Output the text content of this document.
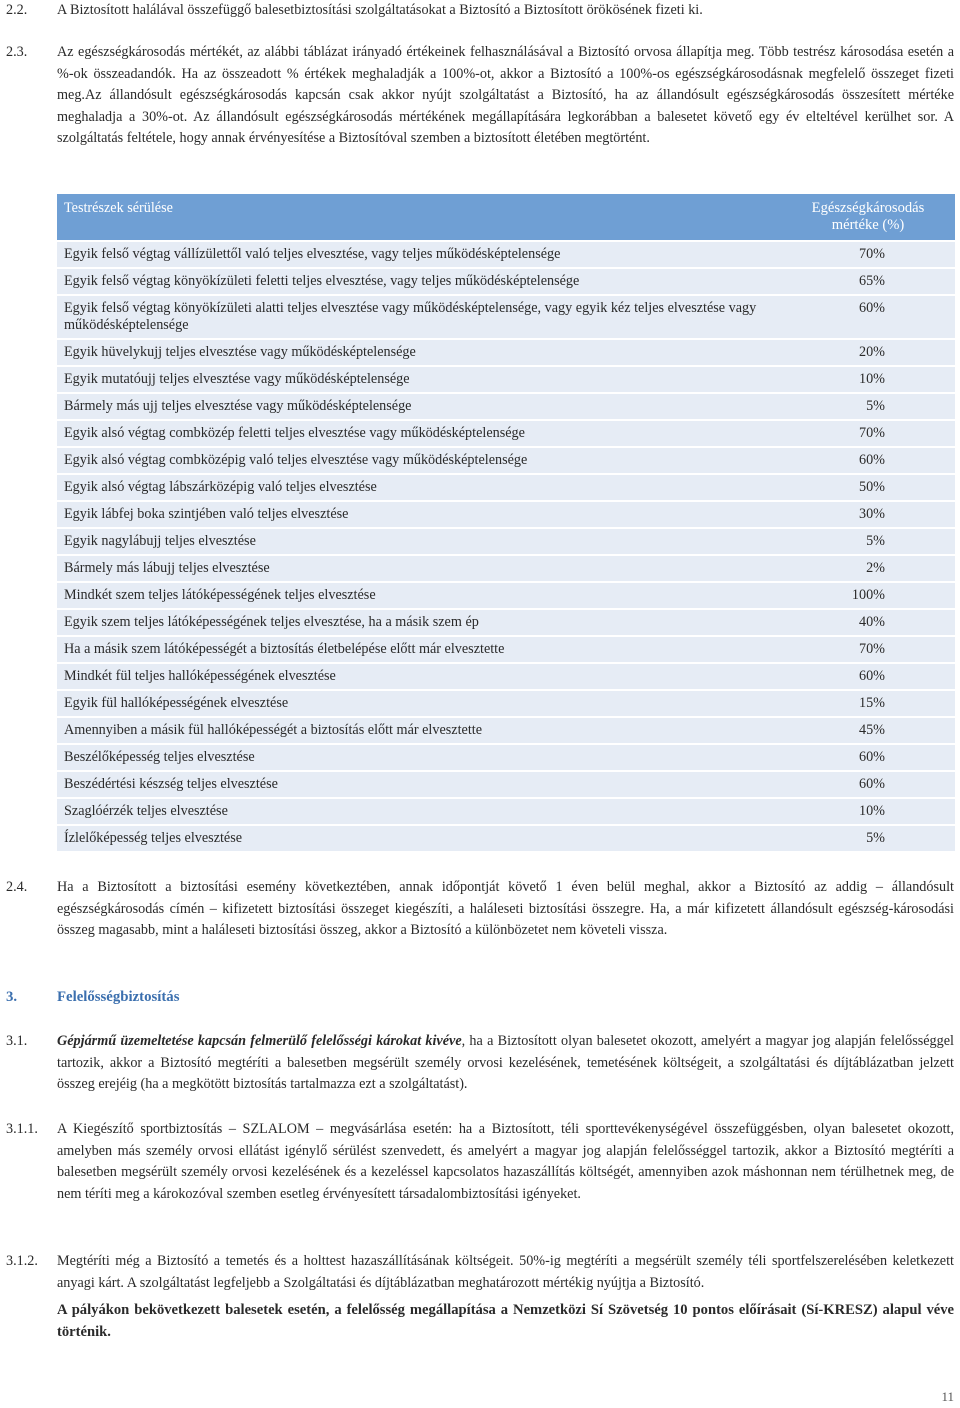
2.2.	A Biztosított halálával összefüggő balesetbiztosítási szolgáltatásokat a Biztosító a Biztosított örökösének fizeti ki.
2.3.	Az egészségkárosodás mértékét, az alábbi táblázat irányadó értékeinek felhasználásával a Biztosító orvosa állapítja meg. Több testrész károsodása esetén a %-ok összeadandók. Ha az összeadott % értékek meghaladják a 100%-ot, akkor a Biztosító a 100%-os egészségkárosodásnak megfelelő összeget fizeti meg.Az állandósult egészségkárosodás kapcsán csak akkor nyújt szolgáltatást a Biztosító, ha az állandósult egészségkárosodás összesített mértéke meghaladja a 30%-ot. Az állandósult egészségkárosodás mértékének megállapítására legkorábban a balesetet követő egy év elteltével kerülhet sor. A szolgáltatás feltétele, hogy annak érvényesítése a Biztosítóval szemben a biztosított életében megtörtént.
Testrészek sérülése	Egészségkárosodás mértéke (%)
Egyik felső végtag vállízülettől való teljes elvesztése, vagy teljes működésképtelensége	70%
Egyik felső végtag könyökízületi feletti teljes elvesztése, vagy teljes működésképtelensége	65%
Egyik felső végtag könyökízületi alatti teljes elvesztése vagy működésképtelensége, vagy egyik kéz teljes elvesztése vagy működésképtelensége	60%
Egyik hüvelykujj teljes elvesztése vagy működésképtelensége	20%
Egyik mutatóujj teljes elvesztése vagy működésképtelensége	10%
Bármely más ujj teljes elvesztése vagy működésképtelensége	5%
Egyik alsó végtag combközép feletti teljes elvesztése vagy működésképtelensége	70%
Egyik alsó végtag combközépig való teljes elvesztése vagy működésképtelensége	60%
Egyik alsó végtag lábszárközépig való teljes elvesztése	50%
Egyik lábfej boka szintjében való teljes elvesztése	30%
Egyik nagylábujj teljes elvesztése	5%
Bármely más lábujj teljes elvesztése	2%
Mindkét szem teljes látóképességének teljes elvesztése	100%
Egyik szem teljes látóképességének teljes elvesztése, ha a másik szem ép	40%
Ha a másik szem látóképességét a biztosítás életbelépése előtt már elvesztette	70%
Mindkét fül teljes hallóképességének elvesztése	60%
Egyik fül hallóképességének elvesztése	15%
Amennyiben a másik fül hallóképességét a biztosítás előtt már elvesztette	45%
Beszélőképesség teljes elvesztése	60%
Beszédértési készség teljes elvesztése	60%
Szaglóérzék teljes elvesztése	10%
Ízlelőképesség teljes elvesztése	5%
2.4.	Ha a Biztosított a biztosítási esemény következtében, annak időpontját követő 1 éven belül meghal, akkor a Biztosító az addig – állandósult egészségkárosodás címén – kifizetett biztosítási összeget kiegészíti, a haláleseti biztosítási összegre. Ha, a már kifizetett állandósult egészség-károsodási összeg magasabb, mint a haláleseti biztosítási összeg, akkor a Biztosító a különbözetet nem követeli vissza.
3.	Felelősségbiztosítás
3.1.	Gépjármű üzemeltetése kapcsán felmerülő felelősségi károkat kivéve, ha a Biztosított olyan balesetet okozott, amelyért a magyar jog alapján felelősséggel tartozik, akkor a Biztosító megtéríti a balesetben megsérült személy orvosi kezelésének, temetésének költségeit, a szolgáltatási és díjtáblázatban jelzett összeg erejéig (ha a megkötött biztosítás tartalmazza ezt a szolgáltatást).
3.1.1.	A Kiegészítő sportbiztosítás – SZLALOM – megvásárlása esetén: ha a Biztosított, téli sporttevékenységével összefüggésben, olyan balesetet okozott, amelyben más személy orvosi ellátást igénylő sérülést szenvedett, és amelyért a magyar jog alapján felelősséggel tartozik, akkor a Biztosító megtéríti a balesetben megsérült személy orvosi kezelésének és a kezeléssel kapcsolatos hazaszállítás költségét, amennyiben azok máshonnan nem térülhetnek meg, de nem téríti meg a károkozóval szemben esetleg érvényesített társadalombiztosítási igényeket.
3.1.2.	Megtéríti még a Biztosító a temetés és a holttest hazaszállításának költségeit. 50%-ig megtéríti a megsérült személy téli sportfelszerelésében keletkezett anyagi kárt. A szolgáltatást legfeljebb a Szolgáltatási és díjtáblázatban meghatározott mértékig nyújtja a Biztosító.
A pályákon bekövetkezett balesetek esetén, a felelősség megállapítása a Nemzetközi Sí Szövetség 10 pontos előírásait (Sí-KRESZ) alapul véve történik.
11
